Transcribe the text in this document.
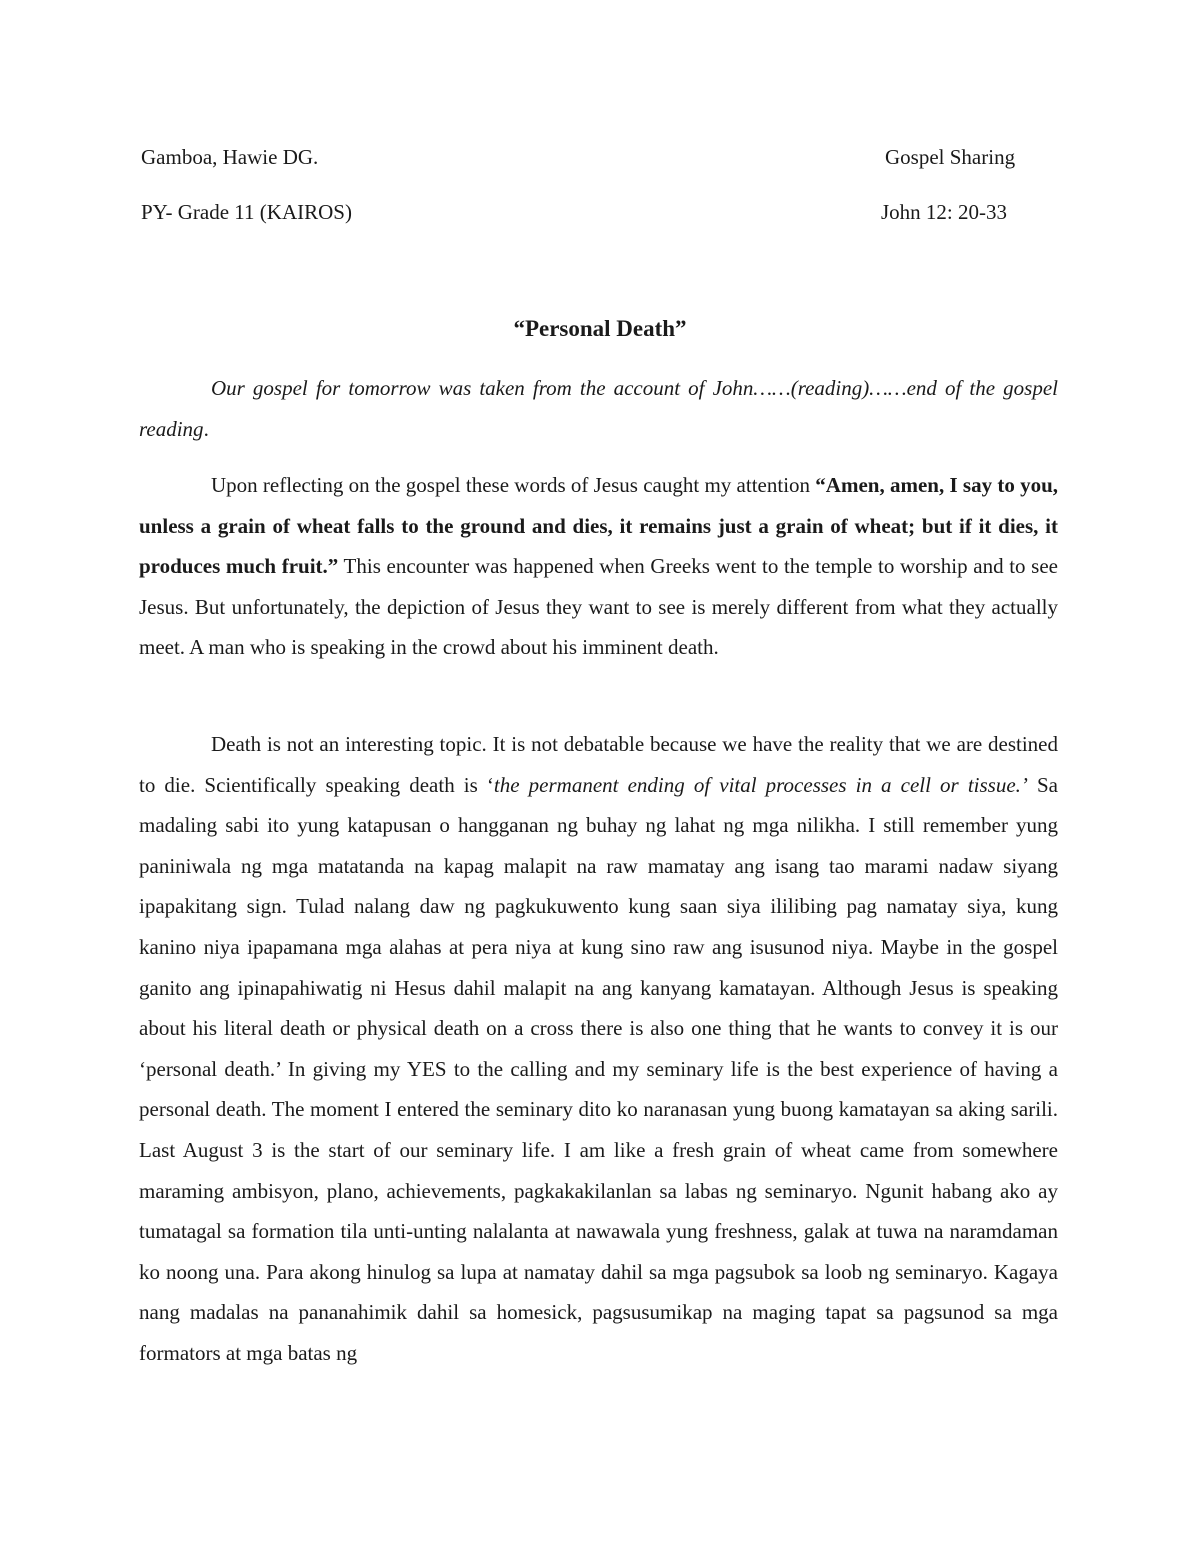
Gamboa, Hawie DG.	Gospel Sharing
PY- Grade 11 (KAIROS)	John 12: 20-33
“Personal Death”

Our gospel for tomorrow was taken from the account of John……(reading)……end of the gospel reading.

Upon reflecting on the gospel these words of Jesus caught my attention “Amen, amen, I say to you, unless a grain of wheat falls to the ground and dies, it remains just a grain of wheat; but if it dies, it produces much fruit.” This encounter was happened when Greeks went to the temple to worship and to see Jesus. But unfortunately, the depiction of Jesus they want to see is merely different from what they actually meet. A man who is speaking in the crowd about his imminent death.

Death is not an interesting topic. It is not debatable because we have the reality that we are destined to die. Scientifically speaking death is ‘the permanent ending of vital processes in a cell or tissue.’ Sa madaling sabi ito yung katapusan o hangganan ng buhay ng lahat ng mga nilikha. I still remember yung paniniwala ng mga matatanda na kapag malapit na raw mamatay ang isang tao marami nadaw siyang ipapakitang sign. Tulad nalang daw ng pagkukuwento kung saan siya ililibing pag namatay siya, kung kanino niya ipapamana mga alahas at pera niya at kung sino raw ang isusunod niya. Maybe in the gospel ganito ang ipinapahiwatig ni Hesus dahil malapit na ang kanyang kamatayan. Although Jesus is speaking about his literal death or physical death on a cross there is also one thing that he wants to convey it is our ‘personal death.’ In giving my YES to the calling and my seminary life is the best experience of having a personal death. The moment I entered the seminary dito ko naranasan yung buong kamatayan sa aking sarili. Last August 3 is the start of our seminary life. I am like a fresh grain of wheat came from somewhere maraming ambisyon, plano, achievements, pagkakakilanlan sa labas ng seminaryo. Ngunit habang ako ay tumatagal sa formation tila unti-unting nalalanta at nawawala yung freshness, galak at tuwa na naramdaman ko noong una. Para akong hinulog sa lupa at namatay dahil sa mga pagsubok sa loob ng seminaryo. Kagaya nang madalas na pananahimik dahil sa homesick, pagsusumikap na maging tapat sa pagsunod sa mga formators at mga batas ng
